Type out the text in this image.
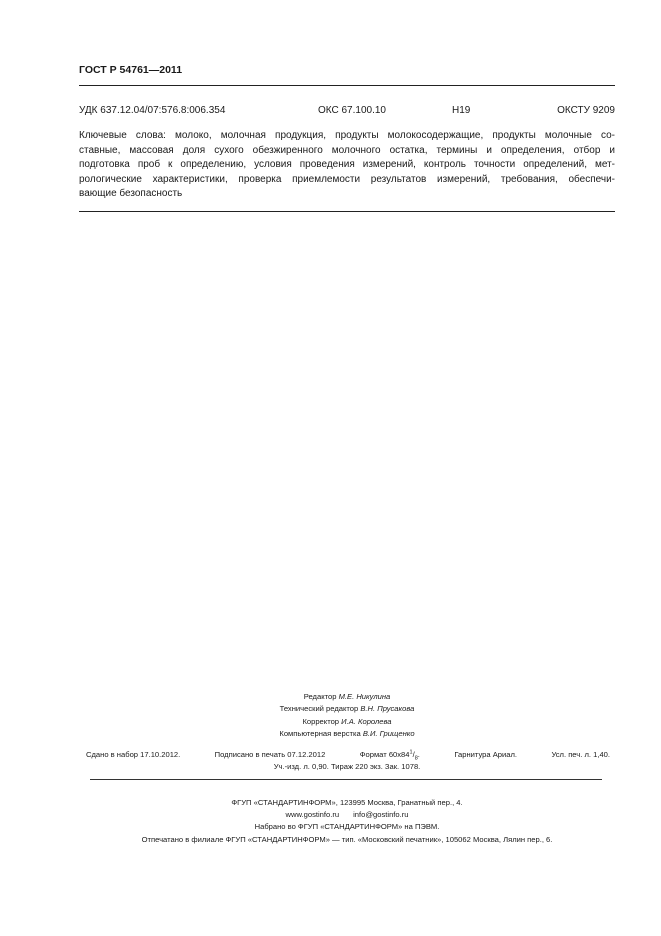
ГОСТ Р 54761—2011
УДК 637.12.04/07:576.8:006.354	ОКС 67.100.10	Н19	ОКСТУ 9209
Ключевые слова: молоко, молочная продукция, продукты молокосодержащие, продукты молочные со-
ставные, массовая доля сухого обезжиренного молочного остатка, термины и определения, отбор и
подготовка проб к определению, условия проведения измерений, контроль точности определений, мет-
рологические характеристики, проверка приемлемости результатов измерений, требования, обеспечи-
вающие безопасность
Редактор М.Е. Никулина
Технический редактор В.Н. Прусакова
Корректор И.А. Королева
Компьютерная верстка В.И. Грищенко
Сдано в набор 17.10.2012.	Подписано в печать 07.12.2012	Формат $60x84^1/_8$.	Гарнитура Ариал.	Усл. печ. л. 1,40.
Уч.-изд. л. 0,90. Тираж 220 экз. Зак. 1078.
ФГУП «СТАНДАРТИНФОРМ», 123995 Москва, Гранатный пер., 4.
www.gostinfo.ru info@gostinfo.ru
Набрано во ФГУП «СТАНДАРТИНФОРМ» на ПЭВМ.
Отпечатано в филиале ФГУП «СТАНДАРТИНФОРМ» — тип. «Московский печатник», 105062 Москва, Лялин пер., 6.
